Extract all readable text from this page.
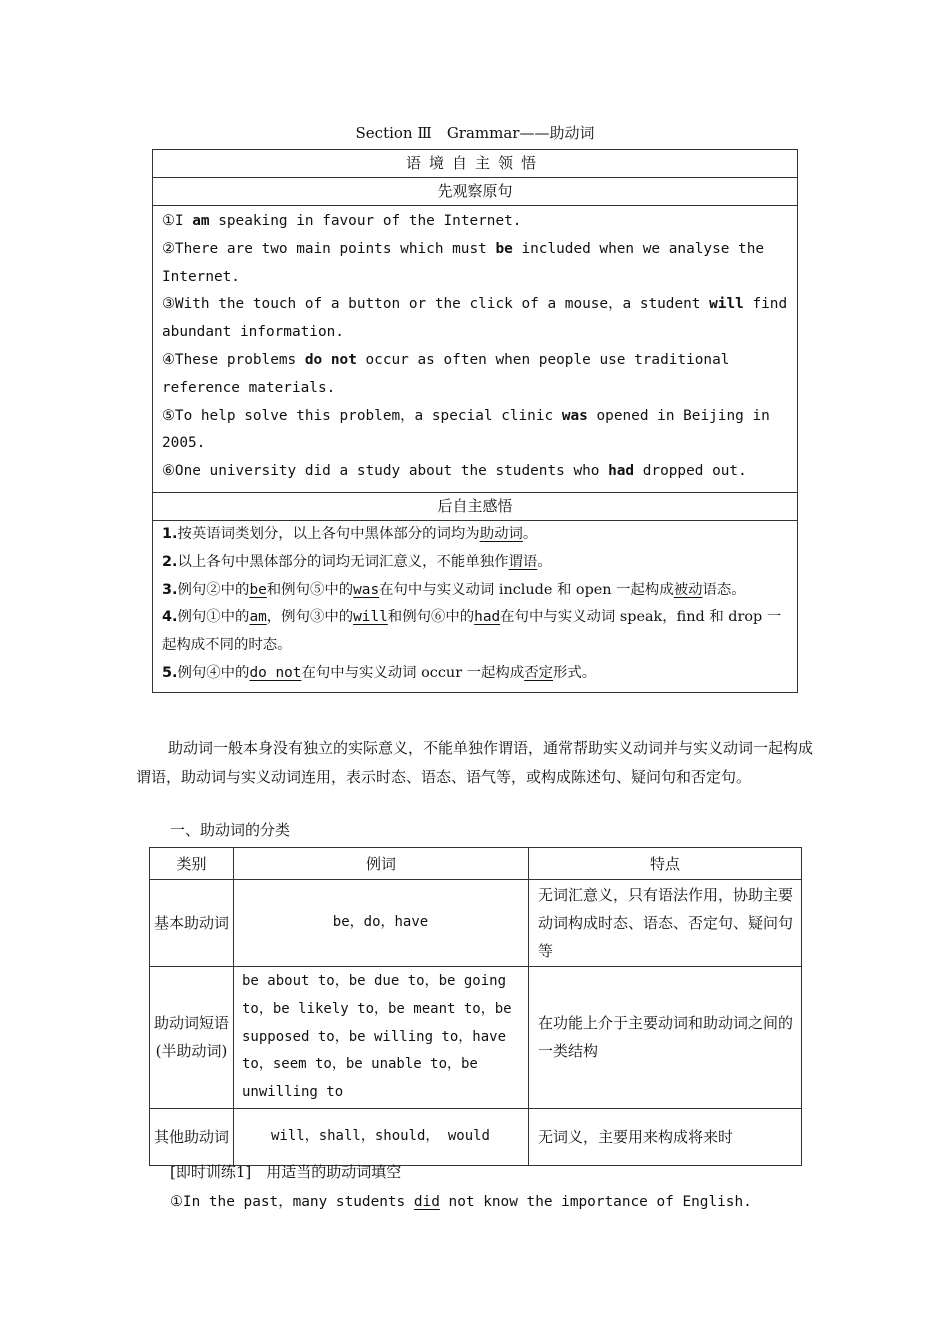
Section Ⅲ　Grammar——助动词
语境自主领悟
先观察原句
①I am speaking in favour of the Internet.
②There are two main points which must be included when we analyse the Internet.
③With the touch of a button or the click of a mouse，a student will find abundant information.
④These problems do not occur as often when people use traditional reference materials.
⑤To help solve this problem，a special clinic was opened in Beijing in 2005.
⑥One university did a study about the students who had dropped out.
后自主感悟
1.按英语词类划分，以上各句中黑体部分的词均为助动词。
2.以上各句中黑体部分的词均无词汇意义，不能单独作谓语。
3.例句②中的be和例句⑤中的was在句中与实义动词 include 和 open 一起构成被动语态。
4.例句①中的am，例句③中的will和例句⑥中的had在句中与实义动词 speak，find 和 drop 一起构成不同的时态。
5.例句④中的do not在句中与实义动词 occur 一起构成否定形式。
助动词一般本身没有独立的实际意义，不能单独作谓语，通常帮助实义动词并与实义动词一起构成谓语，助动词与实义动词连用，表示时态、语态、语气等，或构成陈述句、疑问句和否定句。
一、助动词的分类
类别	例词	特点
基本助动词	be，do，have	无词汇意义，只有语法作用，协助主要动词构成时态、语态、否定句、疑问句等
助动词短语(半助动词)	be about to，be due to，be going to，be likely to，be meant to，be supposed to，be willing to，have to，seem to，be unable to，be unwilling to	在功能上介于主要动词和助动词之间的一类结构
其他助动词	will，shall，should， would	无词义，主要用来构成将来时
[即时训练1]　用适当的助动词填空
①In the past，many students did not know the importance of English.
